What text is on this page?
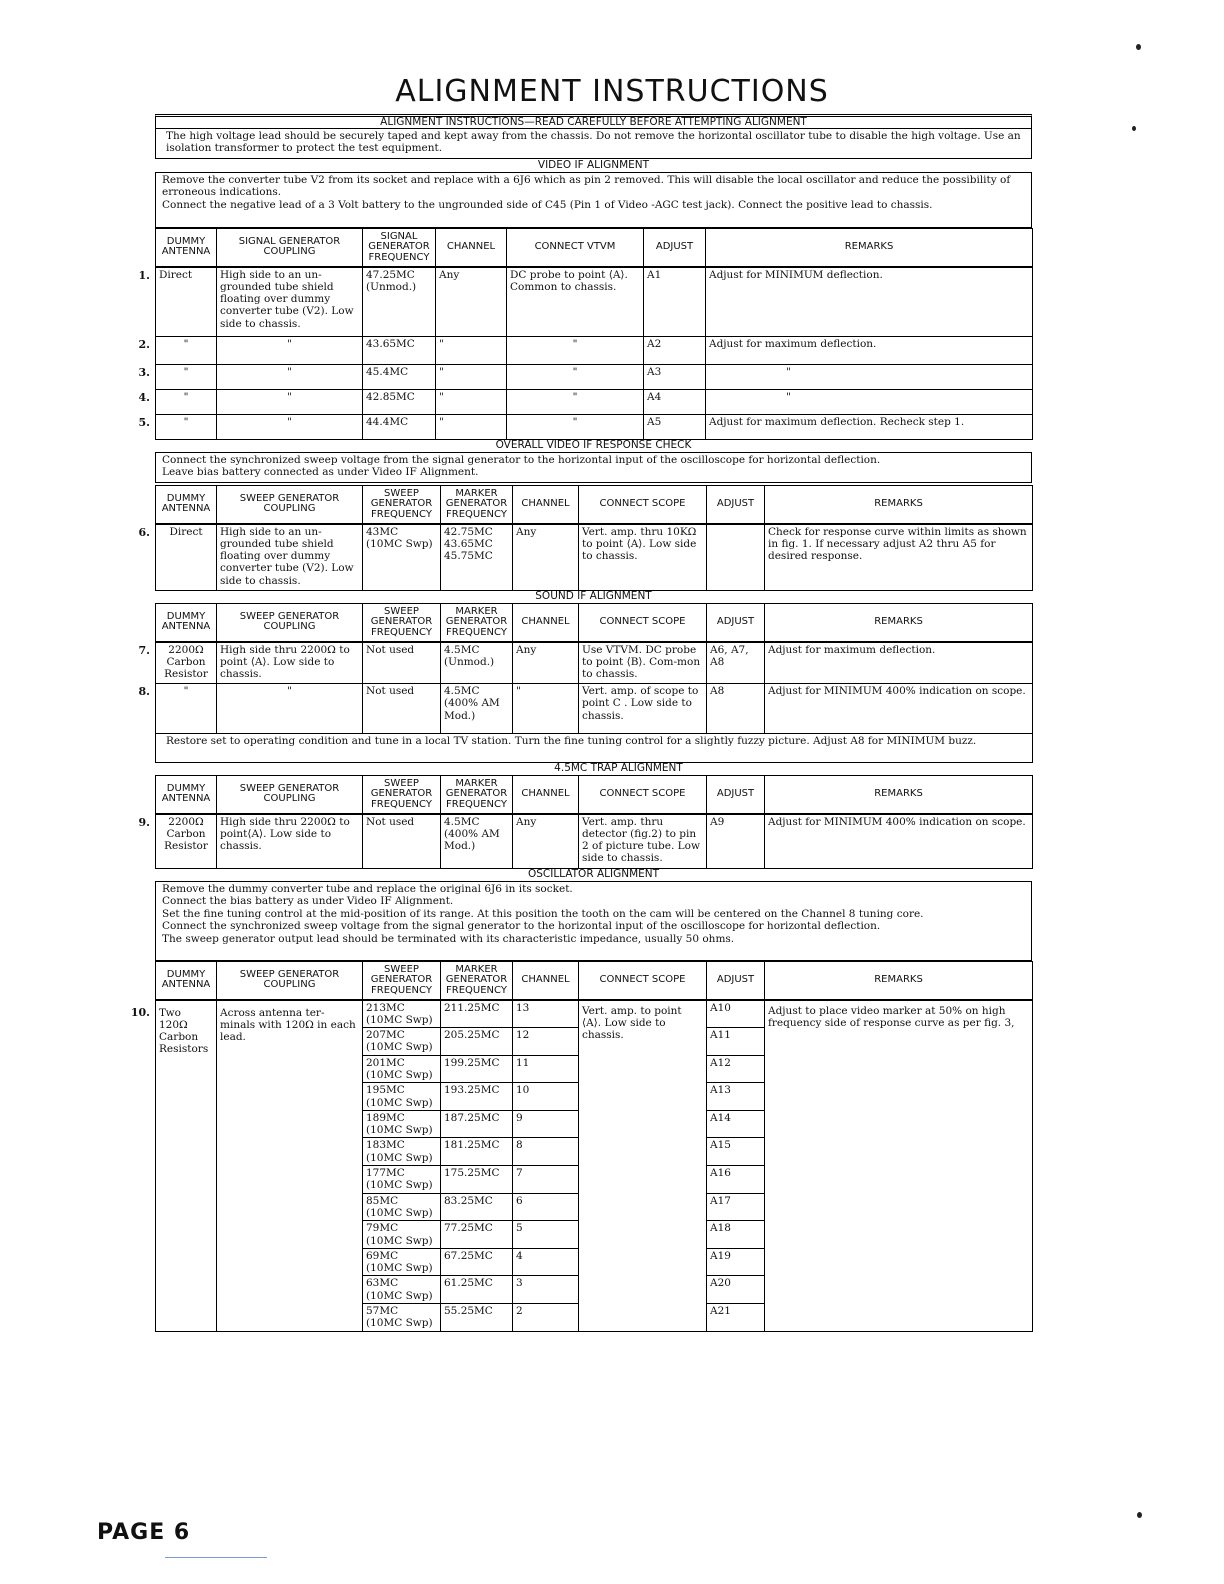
ALIGNMENT INSTRUCTIONS
ALIGNMENT INSTRUCTIONS—READ CAREFULLY BEFORE ATTEMPTING ALIGNMENT

The high voltage lead should be securely taped and kept away from the chassis. Do not remove the horizontal oscillator tube to disable the high voltage. Use an isolation transformer to protect the test equipment.

VIDEO IF ALIGNMENT

Remove the converter tube V2 from its socket and replace with a 6J6 which as pin 2 removed. This will disable the local oscillator and reduce the possibility of erroneous indications.

Connect the negative lead of a 3 Volt battery to the ungrounded side of C45 (Pin 1 of Video -AGC test jack). Connect the positive lead to chassis.

DUMMY ANTENNA	SIGNAL GENERATOR COUPLING	SIGNAL GENERATOR FREQUENCY	CHANNEL	CONNECT VTVM	ADJUST	REMARKS

1. Direct	High side to an un-grounded tube shield floating over dummy converter tube (V2). Low side to chassis.	47.25MC (Unmod.)	Any	DC probe to point ⟨A⟩. Common to chassis.	A1	Adjust for MINIMUM deflection.

2. "	"	43.65MC	"	"	A2	Adjust for maximum deflection.

3. "	"	45.4MC	"	"	A3	"

4. "	"	42.85MC	"	"	A4	"

5. "	"	44.4MC	"	"	A5	Adjust for maximum deflection. Recheck step 1.
OVERALL VIDEO IF RESPONSE CHECK

Connect the synchronized sweep voltage from the signal generator to the horizontal input of the oscilloscope for horizontal deflection.

Leave bias battery connected as under Video IF Alignment.

DUMMY ANTENNA	SWEEP GENERATOR COUPLING	SWEEP GENERATOR FREQUENCY	MARKER GENERATOR FREQUENCY	CHANNEL	CONNECT SCOPE	ADJUST	REMARKS

6. Direct	High side to an un-grounded tube shield floating over dummy converter tube (V2). Low side to chassis.	43MC (10MC Swp)	42.75MC 43.65MC 45.75MC	Any	Vert. amp. thru 10KΩ to point ⟨A⟩. Low side to chassis.		Check for response curve within limits as shown in fig. 1. If necessary adjust A2 thru A5 for desired response.
SOUND IF ALIGNMENT
DUMMY ANTENNA	SWEEP GENERATOR COUPLING	SWEEP GENERATOR FREQUENCY	MARKER GENERATOR FREQUENCY	CHANNEL	CONNECT SCOPE	ADJUST	REMARKS

7. 2200Ω Carbon Resistor	High side thru 2200Ω to point ⟨A⟩. Low side to chassis.	Not used	4.5MC (Unmod.)	Any	Use VTVM. DC probe to point ⟨B⟩. Com-mon to chassis.	A6, A7, A8	Adjust for maximum deflection.

8. "	"	Not used	4.5MC (400% AM Mod.)	"	Vert. amp. of scope to point C . Low side to chassis.	A8	Adjust for MINIMUM 400% indication on scope.
Restore set to operating condition and tune in a local TV station. Turn the fine tuning control for a slightly fuzzy picture. Adjust A8 for MINIMUM buzz.							
4.5MC TRAP ALIGNMENT
DUMMY ANTENNA	SWEEP GENERATOR COUPLING	SWEEP GENERATOR FREQUENCY	MARKER GENERATOR FREQUENCY	CHANNEL	CONNECT SCOPE	ADJUST	REMARKS

9. 2200Ω Carbon Resistor	High side thru 2200Ω to point⟨A⟩. Low side to chassis.	Not used	4.5MC (400% AM Mod.)	Any	Vert. amp. thru detector (fig.2) to pin 2 of picture tube. Low side to chassis.	A9	Adjust for MINIMUM 400% indication on scope.
OSCILLATOR ALIGNMENT

Remove the dummy converter tube and replace the original 6J6 in its socket.

Connect the bias battery as under Video IF Alignment.

Set the fine tuning control at the mid-position of its range. At this position the tooth on the cam will be centered on the Channel 8 tuning core.

Connect the synchronized sweep voltage from the signal generator to the horizontal input of the oscilloscope for horizontal deflection.

The sweep generator output lead should be terminated with its characteristic impedance, usually 50 ohms.

DUMMY ANTENNA	SWEEP GENERATOR COUPLING	SWEEP GENERATOR FREQUENCY	MARKER GENERATOR FREQUENCY	CHANNEL	CONNECT SCOPE	ADJUST	REMARKS

10. Two 120Ω Carbon Resistors	Across antenna ter-minals with 120Ω in each lead.	213MC (10MC Swp)	211.25MC	13	Vert. amp. to point ⟨A⟩. Low side to chassis.	A10	Adjust to place video marker at 50% on high frequency side of response curve as per fig. 3,
		207MC (10MC Swp)	205.25MC	12		A11	
		201MC (10MC Swp)	199.25MC	11		A12	
		195MC (10MC Swp)	193.25MC	10		A13	
		189MC (10MC Swp)	187.25MC	9		A14	
		183MC (10MC Swp)	181.25MC	8		A15	
		177MC (10MC Swp)	175.25MC	7		A16	
		85MC (10MC Swp)	83.25MC	6		A17	
		79MC (10MC Swp)	77.25MC	5		A18	
		69MC (10MC Swp)	67.25MC	4		A19	
		63MC (10MC Swp)	61.25MC	3		A20	
		57MC (10MC Swp)	55.25MC	2		A21	
PAGE 6
